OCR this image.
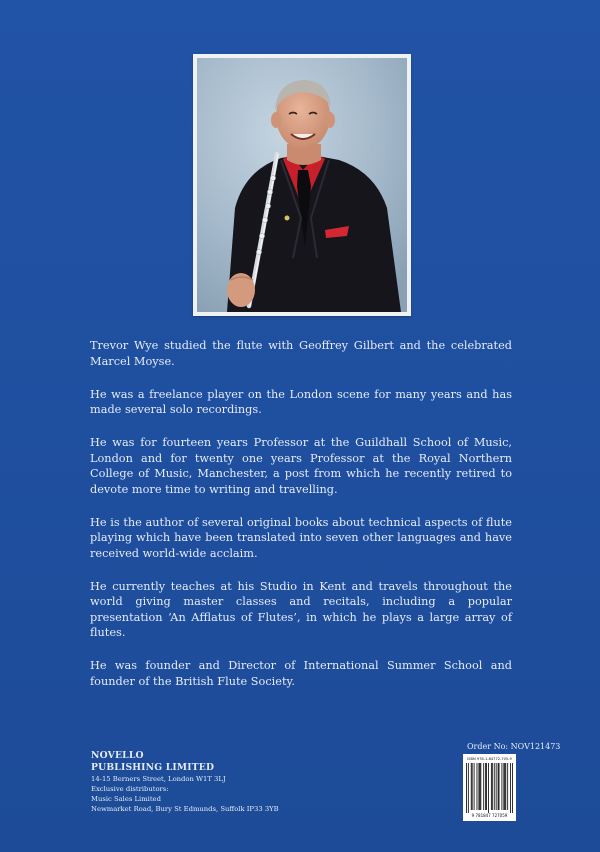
Trevor Wye studied the flute with Geoffrey Gilbert and the celebrated Marcel Moyse.

He was a freelance player on the London scene for many years and has made several solo recordings.

He was for fourteen years Professor at the Guildhall School of Music, London and for twenty one years Professor at the Royal Northern College of Music, Manchester, a post from which he recently retired to devote more time to writing and travelling.

He is the author of several original books about technical aspects of flute playing which have been translated into seven other languages and have received world-wide acclaim.

He currently teaches at his Studio in Kent and travels throughout the world giving master classes and recitals, including a popular presentation ‘An Afflatus of Flutes’, in which he plays a large array of flutes.

He was founder and Director of International Summer School and founder of the British Flute Society.

NOVELLO
PUBLISHING LIMITED
14-15 Berners Street, London W1T 3LJ
Exclusive distributors:
Music Sales Limited
Newmarket Road, Bury St Edmunds, Suffolk IP33 3YB
Order No: NOV121473
ISBN 978-1-84772-705-9
9 781847 727059
